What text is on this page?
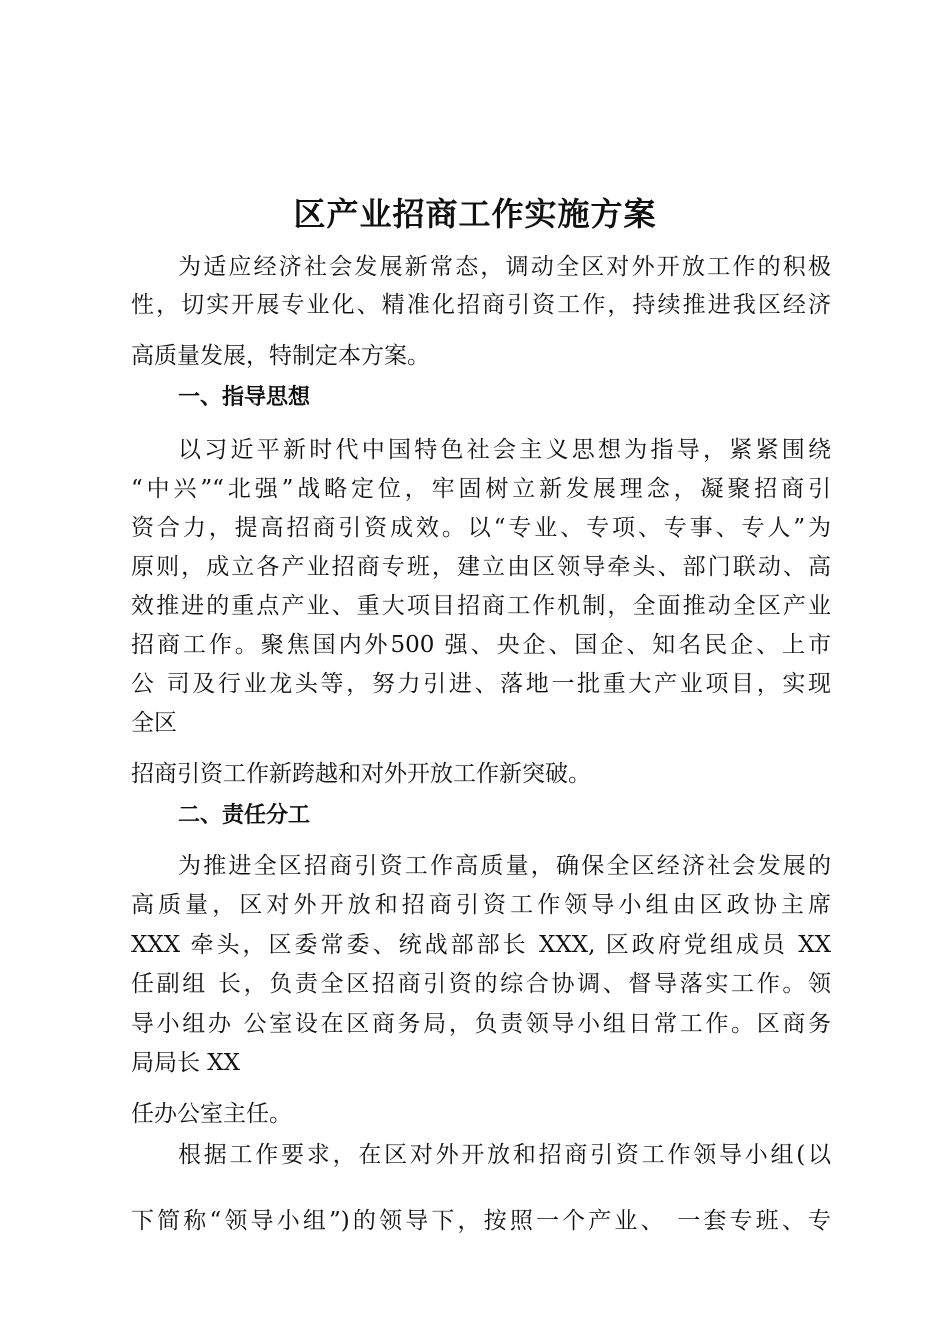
区产业招商工作实施方案
为适应经济社会发展新常态，调动全区对外开放工作的积极
性，切实开展专业化、精准化招商引资工作，持续推进我区经济
高质量发展，特制定本方案。
一、指导思想
以习近平新时代中国特色社会主义思想为指导，紧紧围绕
“中兴”“北强”战略定位，牢固树立新发展理念，凝聚招商引
资合力，提高招商引资成效。以“专业、专项、专事、专人”为
原则，成立各产业招商专班，建立由区领导牵头、部门联动、高
效推进的重点产业、重大项目招商工作机制，全面推动全区产业
招商工作。聚焦国内外500 强、央企、国企、知名民企、上市
公 司及行业龙头等，努力引进、落地一批重大产业项目，实现
全区
招商引资工作新跨越和对外开放工作新突破。
二、责任分工
为推进全区招商引资工作高质量，确保全区经济社会发展的
高质量，区对外开放和招商引资工作领导小组由区政协主席
XXX 牵头，区委常委、统战部部长 XXX, 区政府党组成员 XX
任副组 长，负责全区招商引资的综合协调、督导落实工作。领
导小组办 公室设在区商务局，负责领导小组日常工作。区商务
局局长 XX
任办公室主任。
根据工作要求，在区对外开放和招商引资工作领导小组(以
下简称“领导小组”)的领导下，按照一个产业、 一套专班、专
